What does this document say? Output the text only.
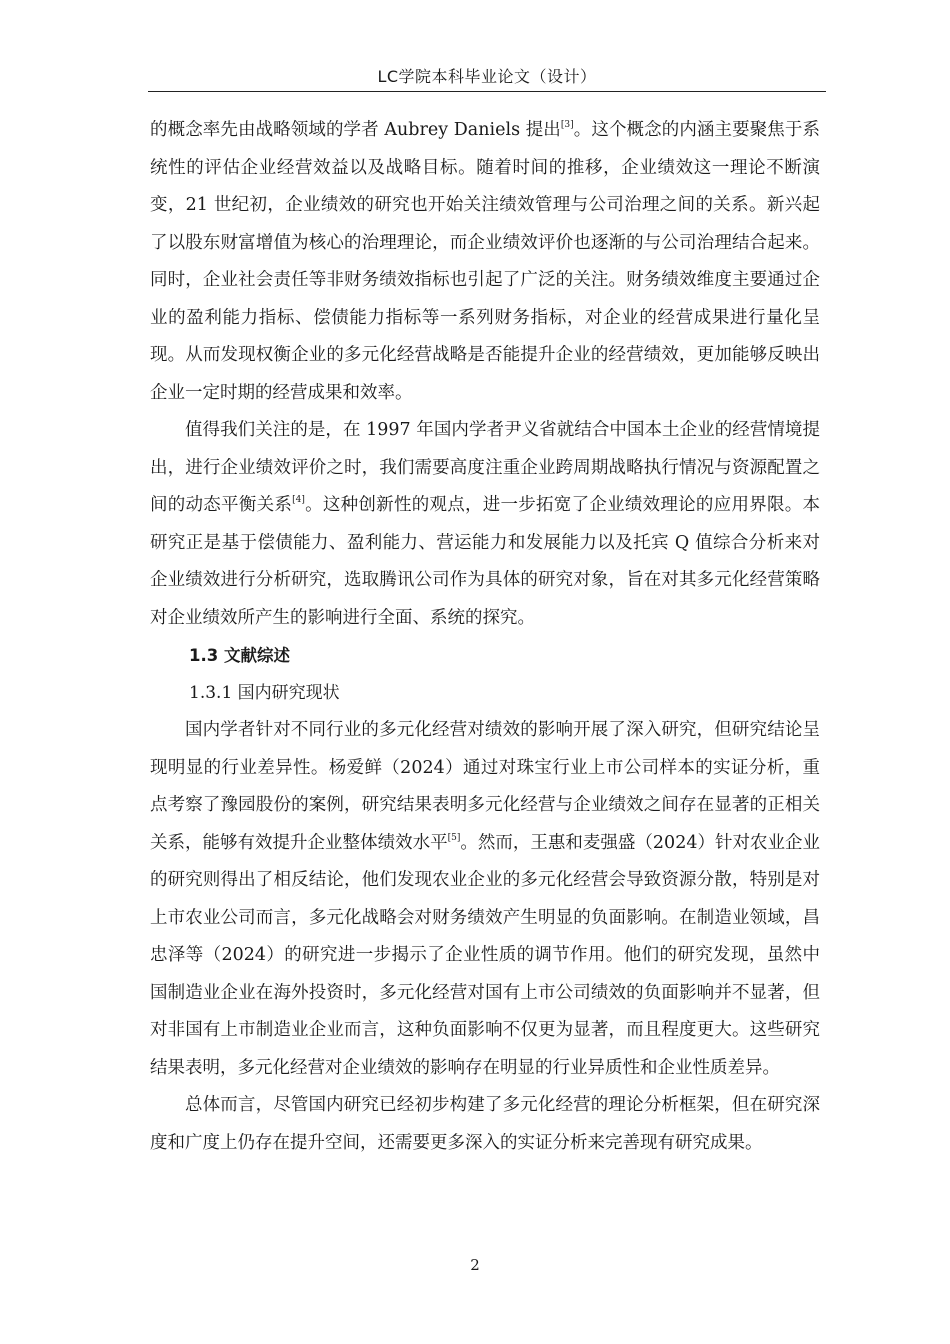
LC学院本科毕业论文（设计）

的概念率先由战略领域的学者 Aubrey Daniels 提出[3]。这个概念的内涵主要聚焦于系统性的评估企业经营效益以及战略目标。随着时间的推移，企业绩效这一理论不断演变，21 世纪初，企业绩效的研究也开始关注绩效管理与公司治理之间的关系。新兴起了以股东财富增值为核心的治理理论，而企业绩效评价也逐渐的与公司治理结合起来。同时，企业社会责任等非财务绩效指标也引起了广泛的关注。财务绩效维度主要通过企业的盈利能力指标、偿债能力指标等一系列财务指标，对企业的经营成果进行量化呈现。从而发现权衡企业的多元化经营战略是否能提升企业的经营绩效，更加能够反映出企业一定时期的经营成果和效率。

值得我们关注的是，在 1997 年国内学者尹义省就结合中国本土企业的经营情境提出，进行企业绩效评价之时，我们需要高度注重企业跨周期战略执行情况与资源配置之间的动态平衡关系[4]。这种创新性的观点，进一步拓宽了企业绩效理论的应用界限。本研究正是基于偿债能力、盈利能力、营运能力和发展能力以及托宾 Q 值综合分析来对企业绩效进行分析研究，选取腾讯公司作为具体的研究对象，旨在对其多元化经营策略对企业绩效所产生的影响进行全面、系统的探究。

1.3 文献综述
1.3.1 国内研究现状

国内学者针对不同行业的多元化经营对绩效的影响开展了深入研究，但研究结论呈现明显的行业差异性。杨爱鲜（2024）通过对珠宝行业上市公司样本的实证分析，重点考察了豫园股份的案例，研究结果表明多元化经营与企业绩效之间存在显著的正相关关系，能够有效提升企业整体绩效水平[5]。然而，王惠和麦强盛（2024）针对农业企业的研究则得出了相反结论，他们发现农业企业的多元化经营会导致资源分散，特别是对上市农业公司而言，多元化战略会对财务绩效产生明显的负面影响。在制造业领域，昌忠泽等（2024）的研究进一步揭示了企业性质的调节作用。他们的研究发现，虽然中国制造业企业在海外投资时，多元化经营对国有上市公司绩效的负面影响并不显著，但对非国有上市制造业企业而言，这种负面影响不仅更为显著，而且程度更大。这些研究结果表明，多元化经营对企业绩效的影响存在明显的行业异质性和企业性质差异。

总体而言，尽管国内研究已经初步构建了多元化经营的理论分析框架，但在研究深度和广度上仍存在提升空间，还需要更多深入的实证分析来完善现有研究成果。

2
